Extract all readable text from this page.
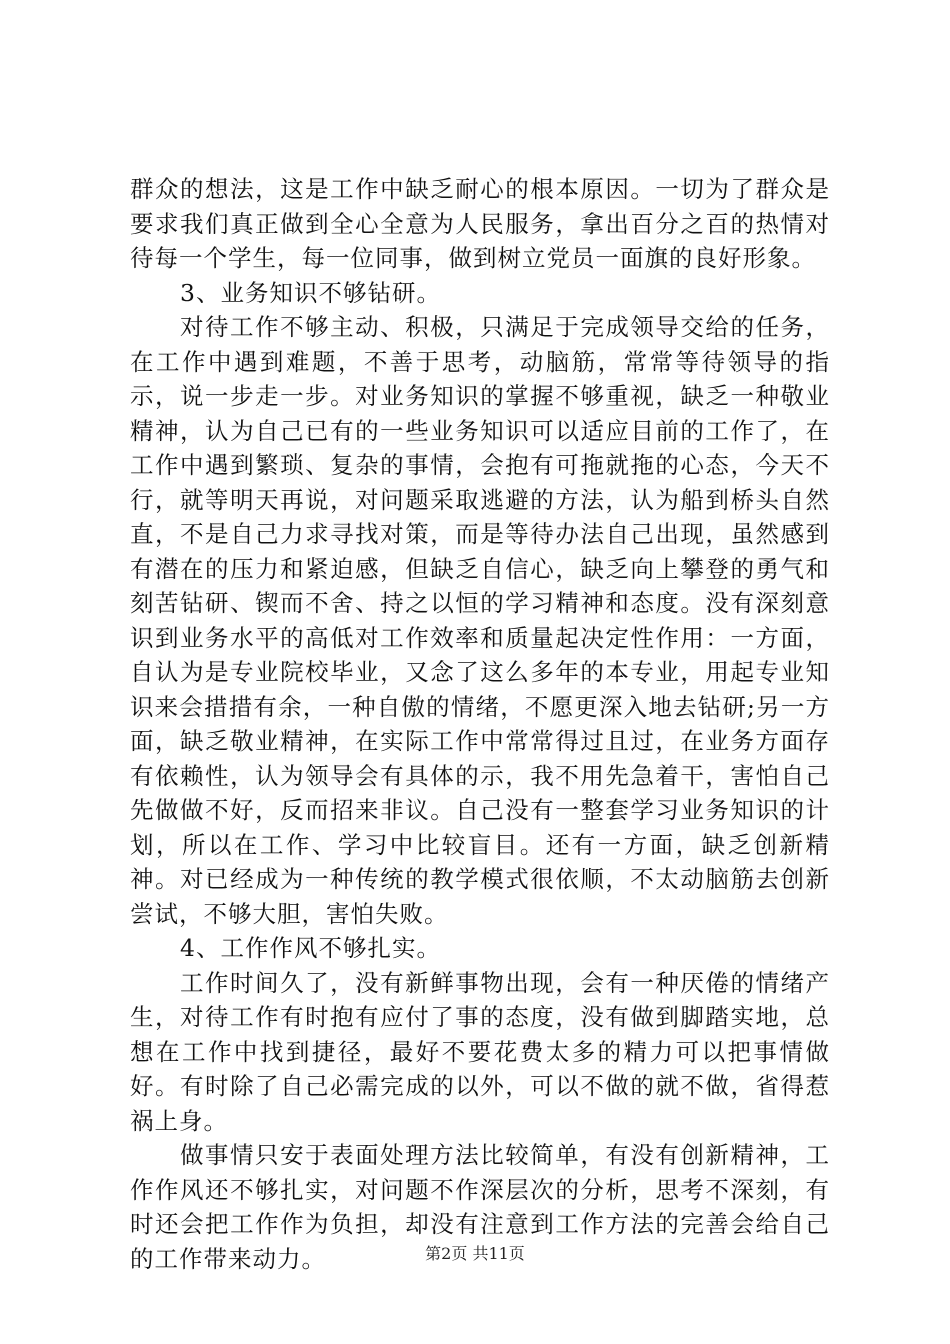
群众的想法，这是工作中缺乏耐心的根本原因。一切为了群众是要求我们真正做到全心全意为人民服务，拿出百分之百的热情对待每一个学生，每一位同事，做到树立党员一面旗的良好形象。

3、业务知识不够钻研。

对待工作不够主动、积极，只满足于完成领导交给的任务，在工作中遇到难题，不善于思考，动脑筋，常常等待领导的指示，说一步走一步。对业务知识的掌握不够重视，缺乏一种敬业精神，认为自己已有的一些业务知识可以适应目前的工作了，在工作中遇到繁琐、复杂的事情，会抱有可拖就拖的心态，今天不行，就等明天再说，对问题采取逃避的方法，认为船到桥头自然直，不是自己力求寻找对策，而是等待办法自己出现，虽然感到有潜在的压力和紧迫感，但缺乏自信心，缺乏向上攀登的勇气和刻苦钻研、锲而不舍、持之以恒的学习精神和态度。没有深刻意识到业务水平的高低对工作效率和质量起决定性作用：一方面，自认为是专业院校毕业，又念了这么多年的本专业，用起专业知识来会措措有余，一种自傲的情绪，不愿更深入地去钻研;另一方面，缺乏敬业精神，在实际工作中常常得过且过，在业务方面存有依赖性，认为领导会有具体的示，我不用先急着干，害怕自己先做做不好，反而招来非议。自己没有一整套学习业务知识的计划，所以在工作、学习中比较盲目。还有一方面，缺乏创新精神。对已经成为一种传统的教学模式很依顺，不太动脑筋去创新尝试，不够大胆，害怕失败。

4、工作作风不够扎实。

工作时间久了，没有新鲜事物出现，会有一种厌倦的情绪产生，对待工作有时抱有应付了事的态度，没有做到脚踏实地，总想在工作中找到捷径，最好不要花费太多的精力可以把事情做好。有时除了自己必需完成的以外，可以不做的就不做，省得惹祸上身。

做事情只安于表面处理方法比较简单，有没有创新精神，工作作风还不够扎实，对问题不作深层次的分析，思考不深刻，有时还会把工作作为负担，却没有注意到工作方法的完善会给自己的工作带来动力。	第2页 共11页
